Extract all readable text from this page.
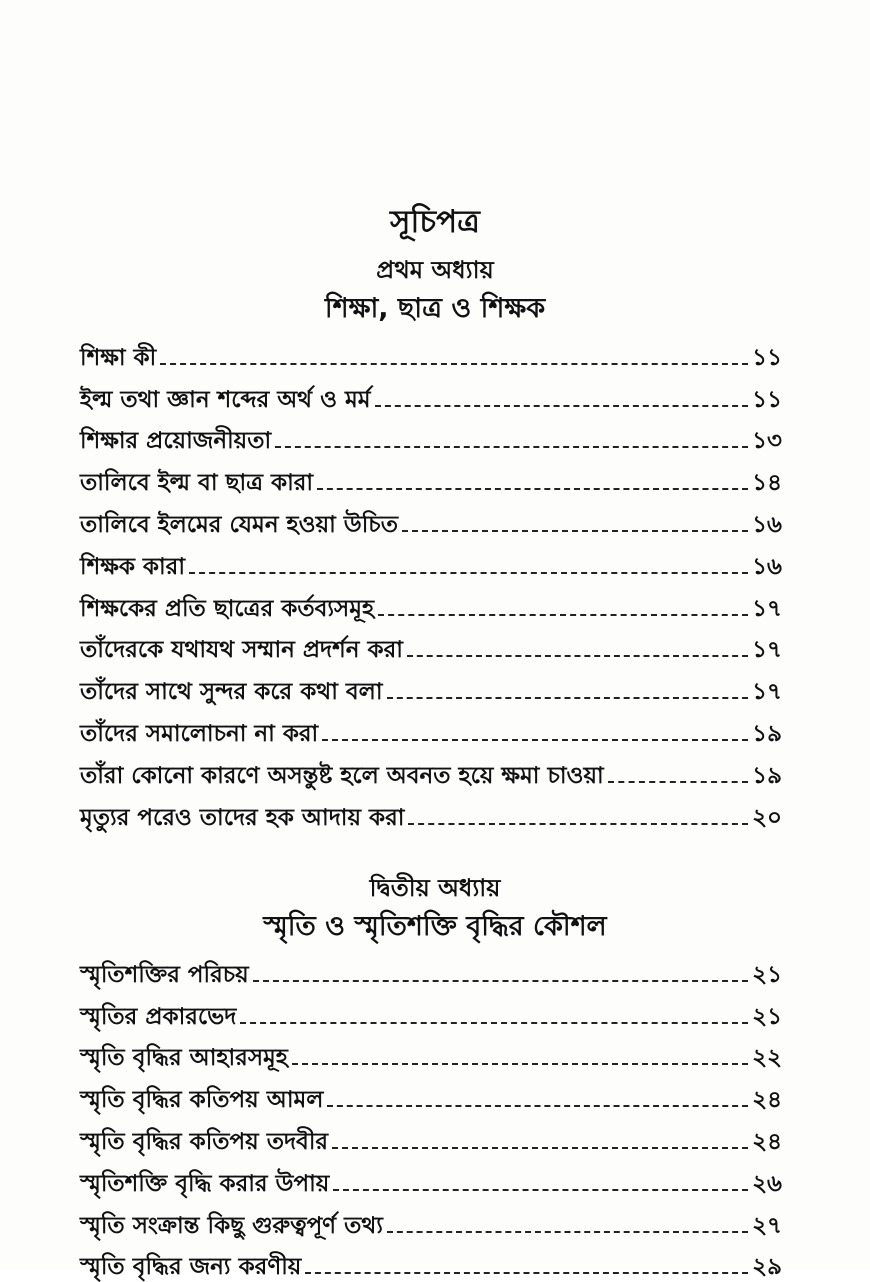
সূচিপত্র
প্রথম অধ্যায়
শিক্ষা, ছাত্র ও শিক্ষক
শিক্ষা কী	১১
ইল্ম তথা জ্ঞান শব্দের অর্থ ও মর্ম	১১
শিক্ষার প্রয়োজনীয়তা	১৩
তালিবে ইল্ম বা ছাত্র কারা	১৪
তালিবে ইলমের যেমন হওয়া উচিত	১৬
শিক্ষক কারা	১৬
শিক্ষকের প্রতি ছাত্রের কর্তব্যসমূহ	১৭
তাঁদেরকে যথাযথ সম্মান প্রদর্শন করা	১৭
তাঁদের সাথে সুন্দর করে কথা বলা	১৭
তাঁদের সমালোচনা না করা	১৯
তাঁরা কোনো কারণে অসন্তুষ্ট হলে অবনত হয়ে ক্ষমা চাওয়া	১৯
মৃত্যুর পরেও তাদের হক আদায় করা	২০
দ্বিতীয় অধ্যায়
স্মৃতি ও স্মৃতিশক্তি বৃদ্ধির কৌশল
স্মৃতিশক্তির পরিচয়	২১
স্মৃতির প্রকারভেদ	২১
স্মৃতি বৃদ্ধির আহারসমূহ	২২
স্মৃতি বৃদ্ধির কতিপয় আমল	২৪
স্মৃতি বৃদ্ধির কতিপয় তদবীর	২৪
স্মৃতিশক্তি বৃদ্ধি করার উপায়	২৬
স্মৃতি সংক্রান্ত কিছু গুরুত্বপূর্ণ তথ্য	২৭
স্মৃতি বৃদ্ধির জন্য করণীয়	২৯
